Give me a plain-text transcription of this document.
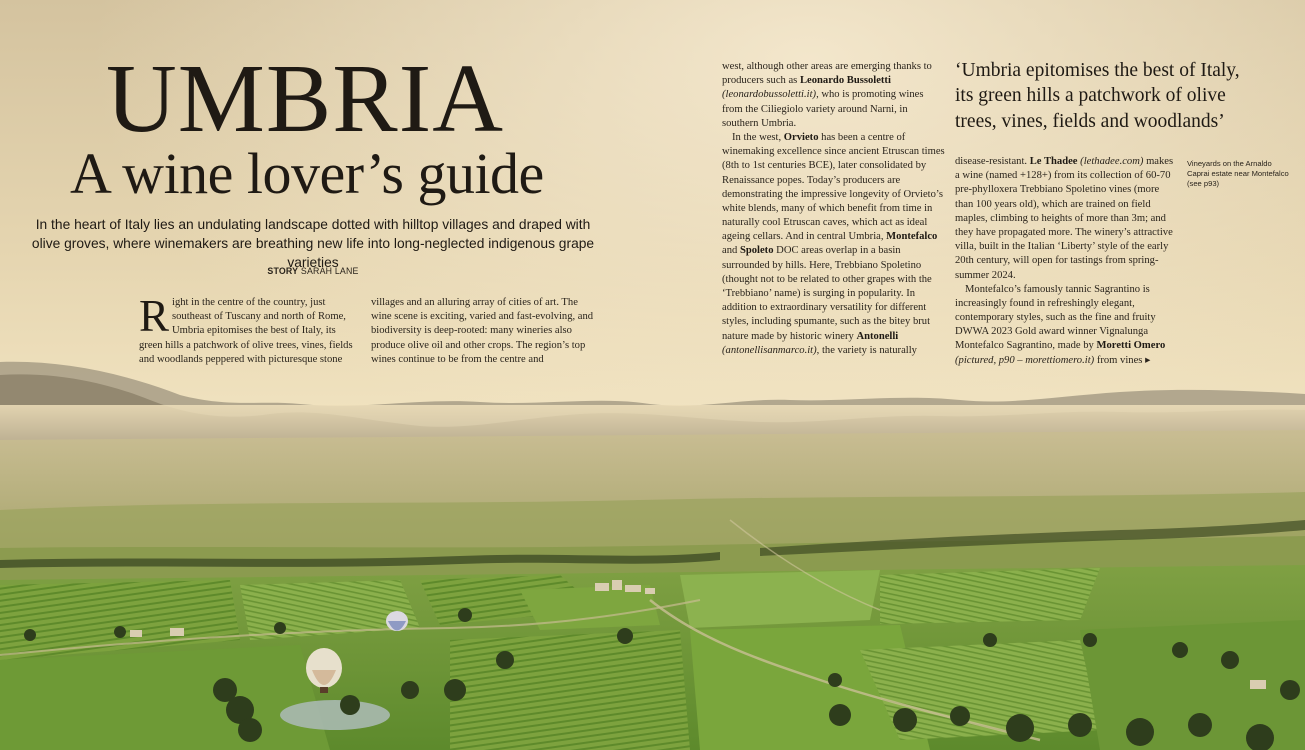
UMBRIA
A wine lover’s guide

In the heart of Italy lies an undulating landscape dotted with hilltop villages and draped with olive groves, where winemakers are breathing new life into long-neglected indigenous grape varieties

STORY SARAH LANE

R ight in the centre of the country, just southeast of Tuscany and north of Rome, Umbria epitomises the best of Italy, its green hills a patchwork of olive trees, vines, fields and woodlands peppered with picturesque stone

villages and an alluring array of cities of art. The wine scene is exciting, varied and fast-evolving, and biodiversity is deep-rooted: many wineries also produce olive oil and other crops. The region’s top wines continue to be from the centre and

west, although other areas are emerging thanks to producers such as Leonardo Bussoletti (leonardobussoletti.it), who is promoting wines from the Ciliegiolo variety around Narni, in southern Umbria.

In the west, Orvieto has been a centre of winemaking excellence since ancient Etruscan times (8th to 1st centuries BCE), later consolidated by Renaissance popes. Today’s producers are demonstrating the impressive longevity of Orvieto’s white blends, many of which benefit from time in naturally cool Etruscan caves, which act as ideal ageing cellars. And in central Umbria, Montefalco and Spoleto DOC areas overlap in a basin surrounded by hills. Here, Trebbiano Spoletino (thought not to be related to other grapes with the ‘Trebbiano’ name) is surging in popularity. In addition to extraordinary versatility for different styles, including spumante, such as the bitey brut nature made by historic winery Antonelli (antonellisanmarco.it), the variety is naturally

‘Umbria epitomises the best of Italy, its green hills a patchwork of olive trees, vines, fields and woodlands’

disease-resistant. Le Thadee (lethadee.com) makes a wine (named +128+) from its collection of 60-70 pre-phylloxera Trebbiano Spoletino vines (more than 100 years old), which are trained on field maples, climbing to heights of more than 3m; and they have propagated more. The winery’s attractive villa, built in the Italian ‘Liberty’ style of the early 20th century, will open for tastings from spring-summer 2024.

Montefalco’s famously tannic Sagrantino is increasingly found in refreshingly elegant, contemporary styles, such as the fine and fruity DWWA 2023 Gold award winner Vignalunga Montefalco Sagrantino, made by Moretti Omero (pictured, p90 – morettiomero.it) from vines ▸

Vineyards on the Arnaldo Caprai estate near Montefalco (see p93)
